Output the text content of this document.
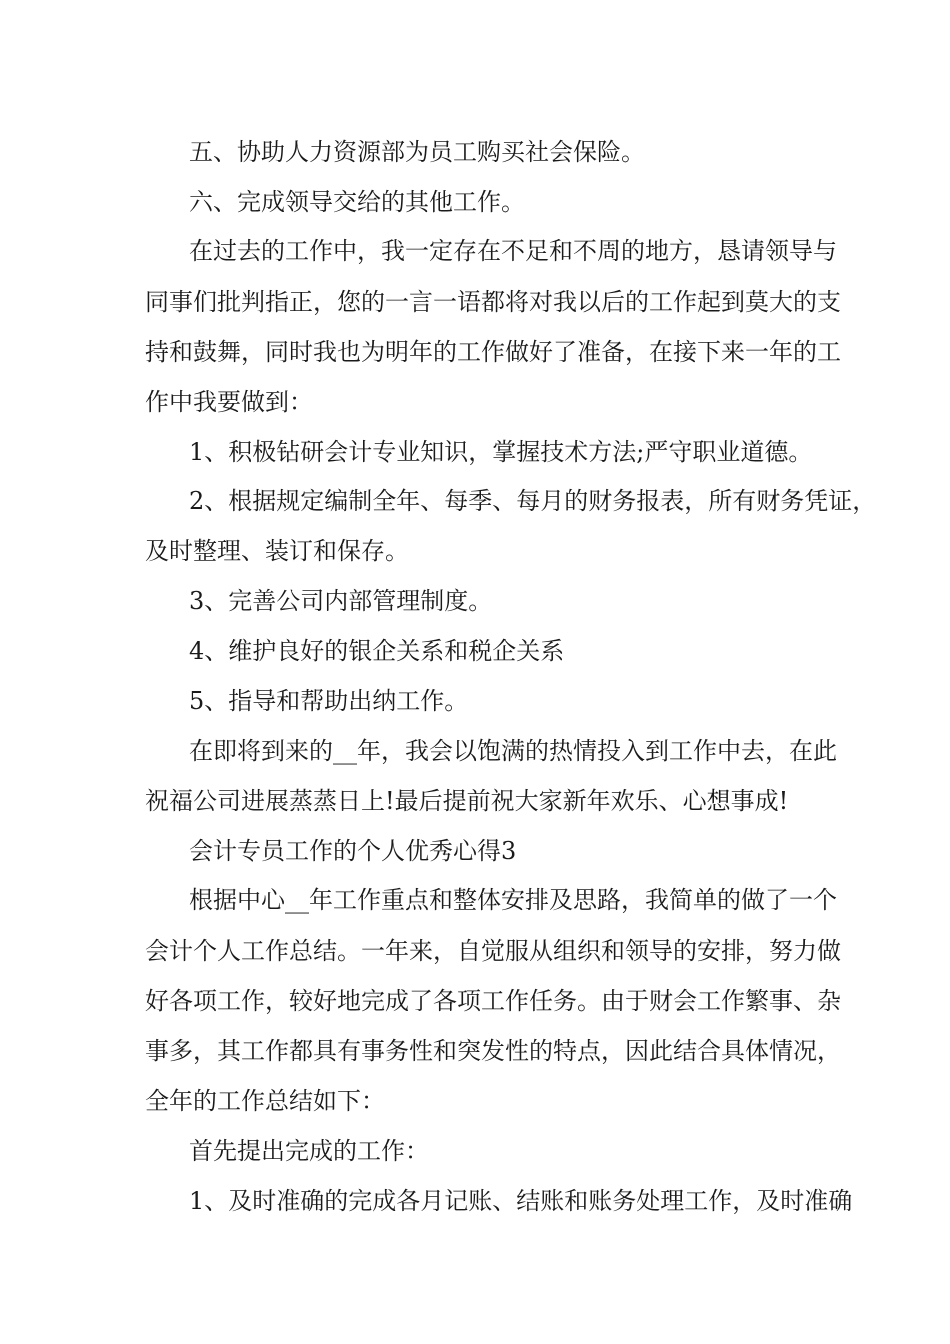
五、协助人力资源部为员工购买社会保险。
六、完成领导交给的其他工作。
在过去的工作中，我一定存在不足和不周的地方，恳请领导与
同事们批判指正，您的一言一语都将对我以后的工作起到莫大的支
持和鼓舞，同时我也为明年的工作做好了准备，在接下来一年的工
作中我要做到：
1、积极钻研会计专业知识，掌握技术方法;严守职业道德。
2、根据规定编制全年、每季、每月的财务报表，所有财务凭证，
及时整理、装订和保存。
3、完善公司内部管理制度。
4、维护良好的银企关系和税企关系
5、指导和帮助出纳工作。
在即将到来的__年，我会以饱满的热情投入到工作中去，在此
祝福公司进展蒸蒸日上!最后提前祝大家新年欢乐、心想事成!
会计专员工作的个人优秀心得3
根据中心__年工作重点和整体安排及思路，我简单的做了一个
会计个人工作总结。一年来，自觉服从组织和领导的安排，努力做
好各项工作，较好地完成了各项工作任务。由于财会工作繁事、杂
事多，其工作都具有事务性和突发性的特点，因此结合具体情况，
全年的工作总结如下：
首先提出完成的工作：
1、及时准确的完成各月记账、结账和账务处理工作，及时准确
